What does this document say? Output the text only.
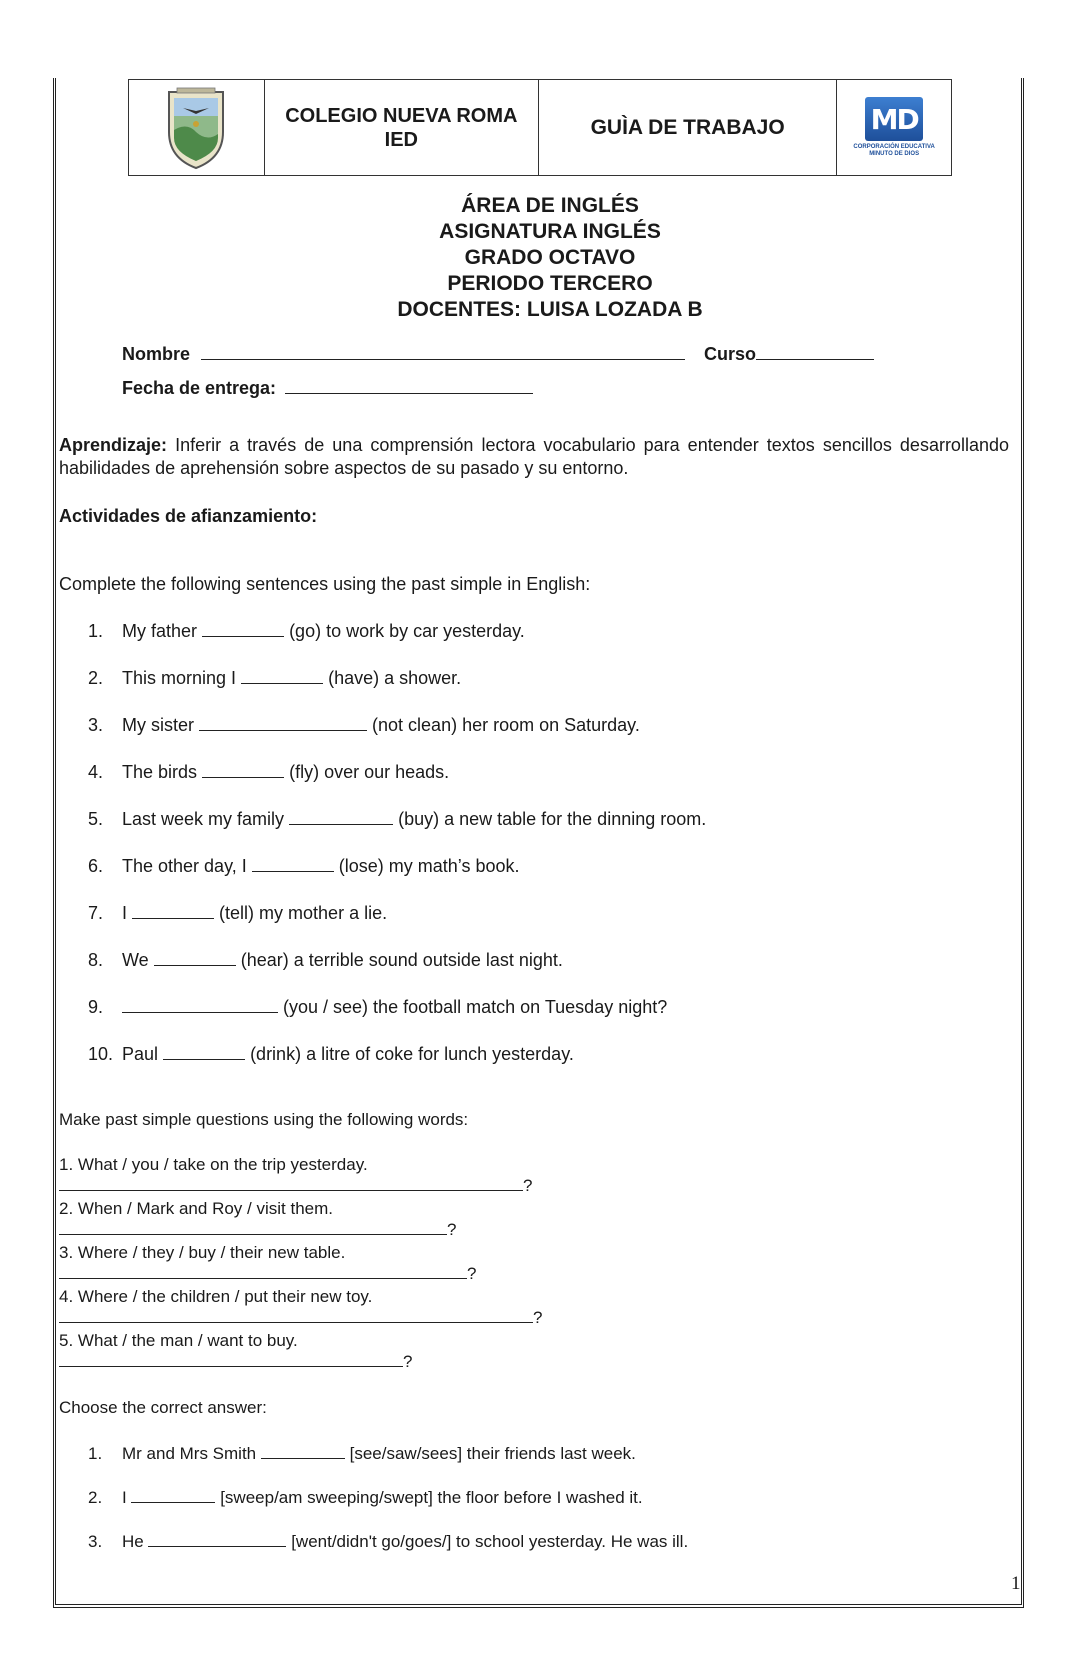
COLEGIO NUEVA ROMA
IED
GUÌA DE TRABAJO	MD
CORPORACIÓN EDUCATIVA
MINUTO DE DIOS
ÁREA DE INGLÉS
ASIGNATURA INGLÉS
GRADO OCTAVO
PERIODO TERCERO
DOCENTES: LUISA LOZADA B
Nombre	Curso
Fecha de entrega:
Aprendizaje: Inferir a través de una comprensión lectora vocabulario para entender textos sencillos desarrollando habilidades de aprehensión sobre aspectos de su pasado y su entorno.
Actividades de afianzamiento:
Complete the following sentences using the past simple in English:
1. My father	(go) to work by car yesterday.
2. This morning I	(have) a shower.
3. My sister	(not clean) her room on Saturday.
4. The birds	(fly) over our heads.
5. Last week my family	(buy) a new table for the dinning room.
6. The other day, I	(lose) my math’s book.
7. I	(tell) my mother a lie.
8. We	(hear) a terrible sound outside last night.
9.	(you / see) the football match on Tuesday night?
10. Paul	(drink) a litre of coke for lunch yesterday.
Make past simple questions using the following words:
1. What / you / take on the trip yesterday.
?
2. When / Mark and Roy / visit them.
?
3. Where / they / buy / their new table.
?
4. Where / the children / put their new toy.
?
5. What / the man / want to buy.
?
Choose the correct answer:
1. Mr and Mrs Smith	[see/saw/sees] their friends last week.
2. I	[sweep/am sweeping/swept] the floor before I washed it.
3. He	[went/didn't go/goes/] to school yesterday. He was ill.
1
